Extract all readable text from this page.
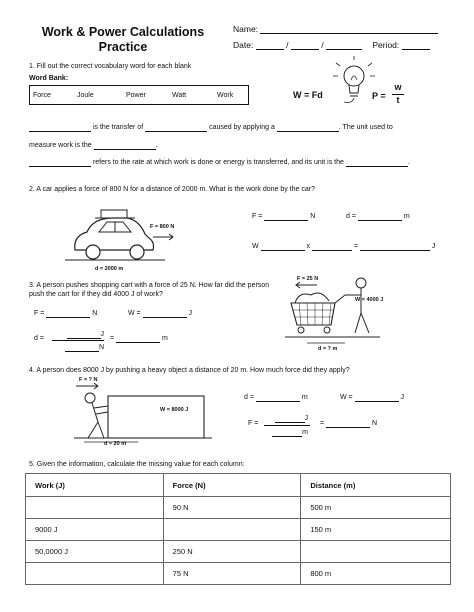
Work & Power Calculations
Practice
Name:
Date:	/	/	Period:
1. Fill out the correct vocabulary word for each blank
Word Bank:
Force	Joule	Power	Watt	Work	W = Fd	P =
w
t
is the transfer of	caused by applying a	. The unit used to
measure work is the	.
refers to the rate at which work is done or energy is transferred, and its unit is the	.
2. A car applies a force of 800 N for a distance of 2000 m. What is the work done by the car?
F = 800 N
d = 2000 m
F =	N	d =	m
W	x	=	J
3. A person pushes shopping cart with a force of 25 N. How far did the person
push the cart for if they did 4000 J of work?
F = 25 N
W = 4000 J
d = ? m
F =	N	W =	J
d =
J
N
=	m
4. A person does 8000 J by pushing a heavy object a distance of 20 m. How much force did they apply?
F = ? N
W = 8000 J
d = 20 m
d =	m	W =	J
F =
J
m
=	N
5. Given the information, calculate the missing value for each column:
Work (J)	Force (N)	Distance (m)
	90 N	500 m
9000 J		150 m
50,0000 J	250 N	
	75 N	800 m
